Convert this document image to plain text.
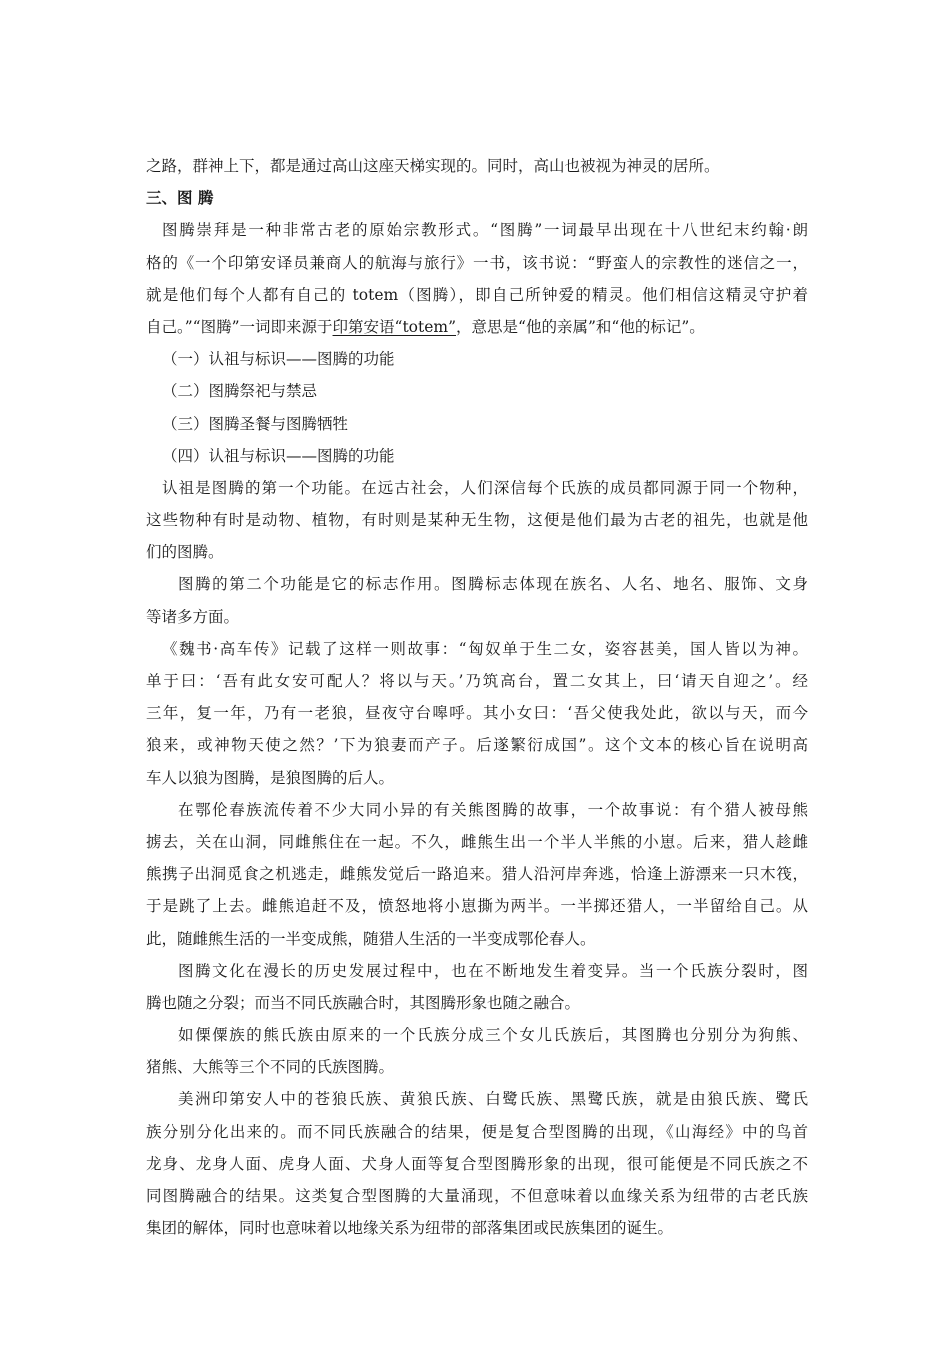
之路，群神上下，都是通过高山这座天梯实现的。同时，高山也被视为神灵的居所。
三、图 腾
图腾崇拜是一种非常古老的原始宗教形式。“图腾”一词最早出现在十八世纪末约翰·朗
格的《一个印第安译员兼商人的航海与旅行》一书，该书说：“野蛮人的宗教性的迷信之一，
就是他们每个人都有自己的 totem（图腾），即自己所钟爱的精灵。他们相信这精灵守护着
自己。”“图腾”一词即来源于印第安语“totem”，意思是“他的亲属”和“他的标记”。
（一）认祖与标识——图腾的功能
（二）图腾祭祀与禁忌
（三）图腾圣餐与图腾牺牲
（四）认祖与标识——图腾的功能
认祖是图腾的第一个功能。在远古社会，人们深信每个氏族的成员都同源于同一个物种，
这些物种有时是动物、植物，有时则是某种无生物，这便是他们最为古老的祖先，也就是他
们的图腾。
图腾的第二个功能是它的标志作用。图腾标志体现在族名、人名、地名、服饰、文身
等诸多方面。
《魏书·高车传》记载了这样一则故事：“匈奴单于生二女，姿容甚美，国人皆以为神。
单于曰：‘吾有此女安可配人？将以与天。’乃筑高台，置二女其上，曰‘请天自迎之’。经
三年，复一年，乃有一老狼，昼夜守台嗥呼。其小女曰：‘吾父使我处此，欲以与天，而今
狼来，或神物天使之然？’下为狼妻而产子。后遂繁衍成国”。这个文本的核心旨在说明高
车人以狼为图腾，是狼图腾的后人。
在鄂伦春族流传着不少大同小异的有关熊图腾的故事，一个故事说：有个猎人被母熊
掳去，关在山洞，同雌熊住在一起。不久，雌熊生出一个半人半熊的小崽。后来，猎人趁雌
熊携子出洞觅食之机逃走，雌熊发觉后一路追来。猎人沿河岸奔逃，恰逢上游漂来一只木筏，
于是跳了上去。雌熊追赶不及，愤怒地将小崽撕为两半。一半掷还猎人，一半留给自己。从
此，随雌熊生活的一半变成熊，随猎人生活的一半变成鄂伦春人。
图腾文化在漫长的历史发展过程中，也在不断地发生着变异。当一个氏族分裂时，图
腾也随之分裂；而当不同氏族融合时，其图腾形象也随之融合。
如傈僳族的熊氏族由原来的一个氏族分成三个女儿氏族后，其图腾也分别分为狗熊、
猪熊、大熊等三个不同的氏族图腾。
美洲印第安人中的苍狼氏族、黄狼氏族、白鹭氏族、黑鹭氏族，就是由狼氏族、鹭氏
族分别分化出来的。而不同氏族融合的结果，便是复合型图腾的出现，《山海经》中的鸟首
龙身、龙身人面、虎身人面、犬身人面等复合型图腾形象的出现，很可能便是不同氏族之不
同图腾融合的结果。这类复合型图腾的大量涌现，不但意味着以血缘关系为纽带的古老氏族
集团的解体，同时也意味着以地缘关系为纽带的部落集团或民族集团的诞生。
